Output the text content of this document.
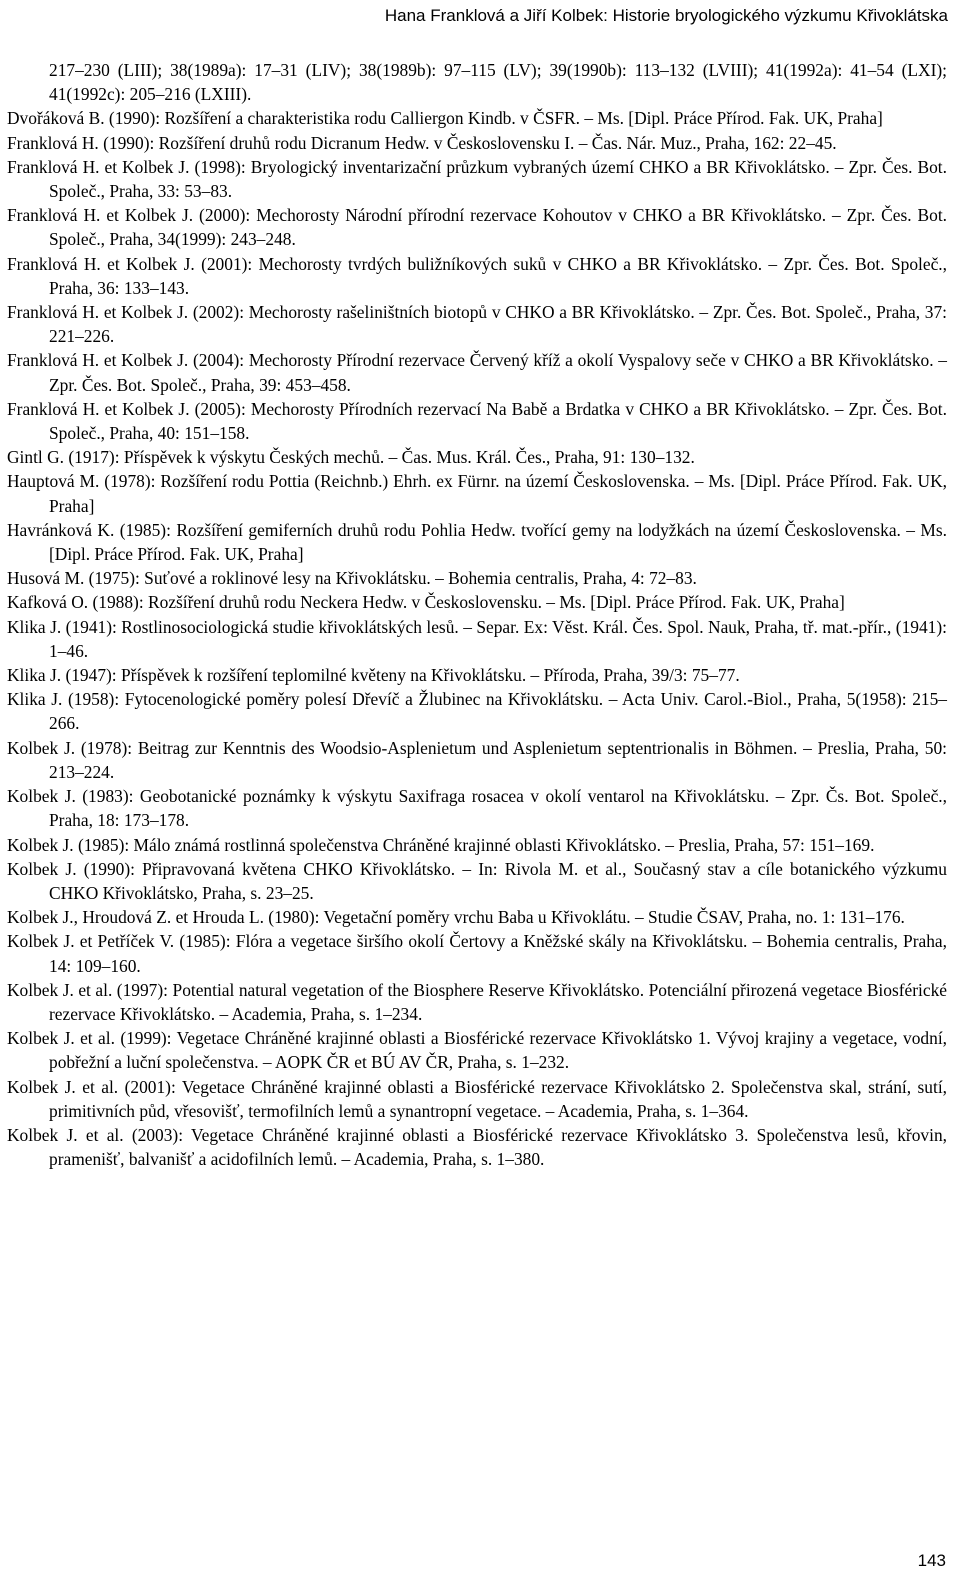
Hana Franklová a Jiří Kolbek: Historie bryologického výzkumu Křivoklátska

217–230 (LIII); 38(1989a): 17–31 (LIV); 38(1989b): 97–115 (LV); 39(1990b): 113–132 (LVIII); 41(1992a): 41–54 (LXI); 41(1992c): 205–216 (LXIII).

Dvořáková B. (1990): Rozšíření a charakteristika rodu Calliergon Kindb. v ČSFR. – Ms. [Dipl. Práce Přírod. Fak. UK, Praha]

Franklová H. (1990): Rozšíření druhů rodu Dicranum Hedw. v Československu I. – Čas. Nár. Muz., Praha, 162: 22–45.

Franklová H. et Kolbek J. (1998): Bryologický inventarizační průzkum vybraných území CHKO a BR Křivoklátsko. – Zpr. Čes. Bot. Společ., Praha, 33: 53–83.

Franklová H. et Kolbek J. (2000): Mechorosty Národní přírodní rezervace Kohoutov v CHKO a BR Křivoklátsko. – Zpr. Čes. Bot. Společ., Praha, 34(1999): 243–248.

Franklová H. et Kolbek J. (2001): Mechorosty tvrdých buližníkových suků v CHKO a BR Křivoklátsko. – Zpr. Čes. Bot. Společ., Praha, 36: 133–143.

Franklová H. et Kolbek J. (2002): Mechorosty rašeliništních biotopů v CHKO a BR Křivoklátsko. – Zpr. Čes. Bot. Společ., Praha, 37: 221–226.

Franklová H. et Kolbek J. (2004): Mechorosty Přírodní rezervace Červený kříž a okolí Vyspalovy seče v CHKO a BR Křivoklátsko. – Zpr. Čes. Bot. Společ., Praha, 39: 453–458.

Franklová H. et Kolbek J. (2005): Mechorosty Přírodních rezervací Na Babě a Brdatka v CHKO a BR Křivoklátsko. – Zpr. Čes. Bot. Společ., Praha, 40: 151–158.

Gintl G. (1917): Příspěvek k výskytu Českých mechů. – Čas. Mus. Král. Čes., Praha, 91: 130–132.

Hauptová M. (1978): Rozšíření rodu Pottia (Reichnb.) Ehrh. ex Fürnr. na území Československa. – Ms. [Dipl. Práce Přírod. Fak. UK, Praha]

Havránková K. (1985): Rozšíření gemiferních druhů rodu Pohlia Hedw. tvořící gemy na lodyžkách na území Československa. – Ms. [Dipl. Práce Přírod. Fak. UK, Praha]

Husová M. (1975): Suťové a roklinové lesy na Křivoklátsku. – Bohemia centralis, Praha, 4: 72–83.

Kafková O. (1988): Rozšíření druhů rodu Neckera Hedw. v Československu. – Ms. [Dipl. Práce Přírod. Fak. UK, Praha]

Klika J. (1941): Rostlinosociologická studie křivoklátských lesů. – Separ. Ex: Věst. Král. Čes. Spol. Nauk, Praha, tř. mat.-přír., (1941): 1–46.

Klika J. (1947): Příspěvek k rozšíření teplomilné květeny na Křivoklátsku. – Příroda, Praha, 39/3: 75–77.

Klika J. (1958): Fytocenologické poměry polesí Dřevíč a Žlubinec na Křivoklátsku. – Acta Univ. Carol.-Biol., Praha, 5(1958): 215–266.

Kolbek J. (1978): Beitrag zur Kenntnis des Woodsio-Asplenietum und Asplenietum septentrionalis in Böhmen. – Preslia, Praha, 50: 213–224.

Kolbek J. (1983): Geobotanické poznámky k výskytu Saxifraga rosacea v okolí ventarol na Křivoklátsku. – Zpr. Čs. Bot. Společ., Praha, 18: 173–178.

Kolbek J. (1985): Málo známá rostlinná společenstva Chráněné krajinné oblasti Křivoklátsko. – Preslia, Praha, 57: 151–169.

Kolbek J. (1990): Připravovaná květena CHKO Křivoklátsko. – In: Rivola M. et al., Současný stav a cíle botanického výzkumu CHKO Křivoklátsko, Praha, s. 23–25.

Kolbek J., Hroudová Z. et Hrouda L. (1980): Vegetační poměry vrchu Baba u Křivoklátu. – Studie ČSAV, Praha, no. 1: 131–176.

Kolbek J. et Petříček V. (1985): Flóra a vegetace širšího okolí Čertovy a Kněžské skály na Křivoklátsku. – Bohemia centralis, Praha, 14: 109–160.

Kolbek J. et al. (1997): Potential natural vegetation of the Biosphere Reserve Křivoklátsko. Potenciální přirozená vegetace Biosférické rezervace Křivoklátsko. – Academia, Praha, s. 1–234.

Kolbek J. et al. (1999): Vegetace Chráněné krajinné oblasti a Biosférické rezervace Křivoklátsko 1. Vývoj krajiny a vegetace, vodní, pobřežní a luční společenstva. – AOPK ČR et BÚ AV ČR, Praha, s. 1–232.

Kolbek J. et al. (2001): Vegetace Chráněné krajinné oblasti a Biosférické rezervace Křivoklátsko 2. Společenstva skal, strání, sutí, primitivních půd, vřesovišť, termofilních lemů a synantropní vegetace. – Academia, Praha, s. 1–364.

Kolbek J. et al. (2003): Vegetace Chráněné krajinné oblasti a Biosférické rezervace Křivoklátsko 3. Společenstva lesů, křovin, pramenišť, balvanišť a acidofilních lemů. – Academia, Praha, s. 1–380.

143
